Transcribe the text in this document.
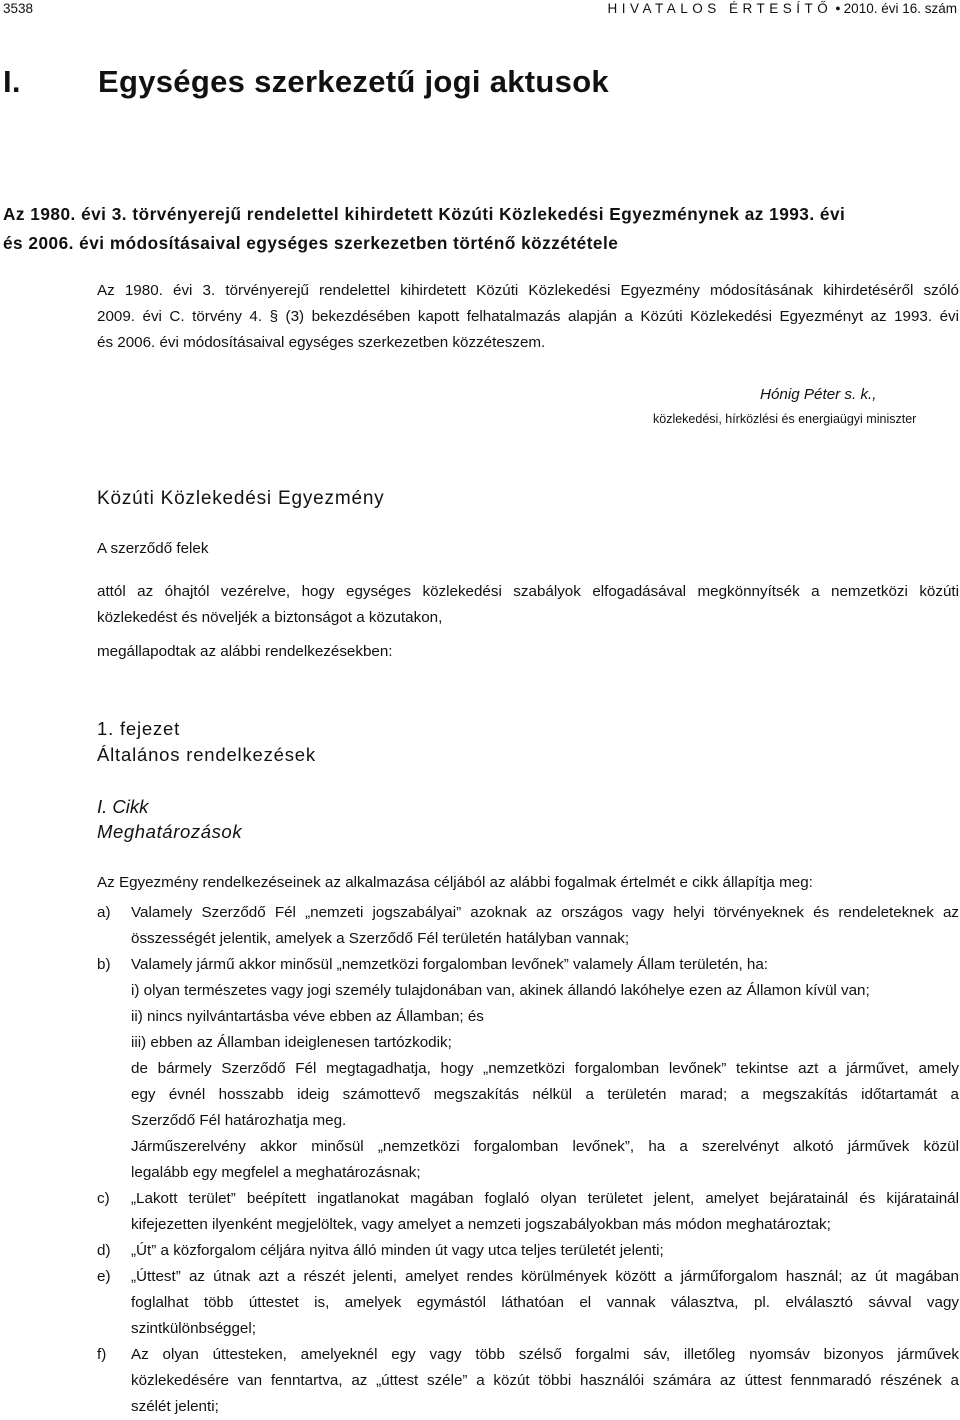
3538	HIVATALOS ÉRTESÍTŐ ● 2010. évi 16. szám
I. Egységes szerkezetű jogi aktusok
Az 1980. évi 3. törvényerejű rendelettel kihirdetett Közúti Közlekedési Egyezménynek az 1993. évi
és 2006. évi módosításaival egységes szerkezetben történő közzététele
Az 1980. évi 3. törvényerejű rendelettel kihirdetett Közúti Közlekedési Egyezmény módosításának kihirdetéséről szóló
2009. évi C. törvény 4. § (3) bekezdésében kapott felhatalmazás alapján a Közúti Közlekedési Egyezményt az 1993. évi
és 2006. évi módosításaival egységes szerkezetben közzéteszem.
Hónig Péter s. k.,
közlekedési, hírközlési és energiaügyi miniszter
Közúti Közlekedési Egyezmény
A szerződő felek
attól az óhajtól vezérelve, hogy egységes közlekedési szabályok elfogadásával megkönnyítsék a nemzetközi közúti
közlekedést és növeljék a biztonságot a közutakon,
megállapodtak az alábbi rendelkezésekben:
1. fejezet
Általános rendelkezések
I. Cikk
Meghatározások
Az Egyezmény rendelkezéseinek az alkalmazása céljából az alábbi fogalmak értelmét e cikk állapítja meg:
a) Valamely Szerződő Fél „nemzeti jogszabályai” azoknak az országos vagy helyi törvényeknek és rendeleteknek az
összességét jelentik, amelyek a Szerződő Fél területén hatályban vannak;
b) Valamely jármű akkor minősül „nemzetközi forgalomban levőnek” valamely Állam területén, ha:
i) olyan természetes vagy jogi személy tulajdonában van, akinek állandó lakóhelye ezen az Államon kívül van;
ii) nincs nyilvántartásba véve ebben az Államban; és
iii) ebben az Államban ideiglenesen tartózkodik;
de bármely Szerződő Fél megtagadhatja, hogy „nemzetközi forgalomban levőnek” tekintse azt a járművet, amely
egy évnél hosszabb ideig számottevő megszakítás nélkül a területén marad; a megszakítás időtartamát a
Szerződő Fél határozhatja meg.
Járműszerelvény akkor minősül „nemzetközi forgalomban levőnek”, ha a szerelvényt alkotó járművek közül
legalább egy megfelel a meghatározásnak;
c) „Lakott terület” beépített ingatlanokat magában foglaló olyan területet jelent, amelyet bejáratainál és kijáratainál
kifejezetten ilyenként megjelöltek, vagy amelyet a nemzeti jogszabályokban más módon meghatároztak;
d) „Út” a közforgalom céljára nyitva álló minden út vagy utca teljes területét jelenti;
e) „Úttest” az útnak azt a részét jelenti, amelyet rendes körülmények között a járműforgalom használ; az út magában
foglalhat több úttestet is, amelyek egymástól láthatóan el vannak választva, pl. elválasztó sávval vagy
szintkülönbséggel;
f) Az olyan úttesteken, amelyeknél egy vagy több szélső forgalmi sáv, illetőleg nyomsáv bizonyos járművek
közlekedésére van fenntartva, az „úttest széle” a közút többi használói számára az úttest fennmaradó részének a
szélét jelenti;
